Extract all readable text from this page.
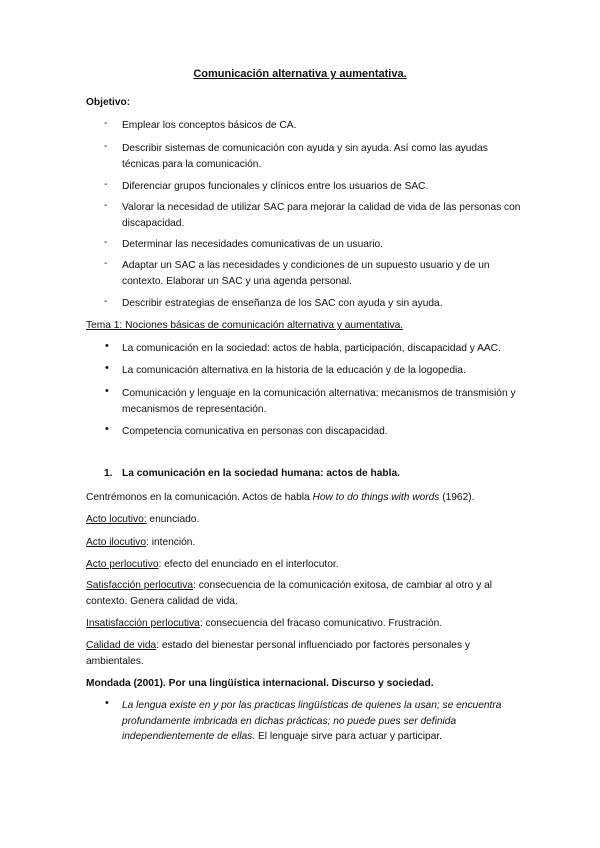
Comunicación alternativa y aumentativa.
Objetivo:
- Emplear los conceptos básicos de CA.
- Describir sistemas de comunicación con ayuda y sin ayuda. Así como las ayudas técnicas para la comunicación.
- Diferenciar grupos funcionales y clínicos entre los usuarios de SAC.
- Valorar la necesidad de utilizar SAC para mejorar la calidad de vida de las personas con discapacidad.
- Determinar las necesidades comunicativas de un usuario.
- Adaptar un SAC a las necesidades y condiciones de un supuesto usuario y de un contexto. Elaborar un SAC y una agenda personal.
- Describir estrategias de enseñanza de los SAC con ayuda y sin ayuda.
Tema 1: Nociones básicas de comunicación alternativa y aumentativa.
• La comunicación en la sociedad: actos de habla, participación, discapacidad y AAC.
• La comunicación alternativa en la historia de la educación y de la logopedia.
• Comunicación y lenguaje en la comunicación alternativa: mecanismos de transmisión y mecanismos de representación.
• Competencia comunicativa en personas con discapacidad.
1. La comunicación en la sociedad humana: actos de habla.
Centrémonos en la comunicación. Actos de habla How to do things with words (1962).
Acto locutivo: enunciado.
Acto ilocutivo: intención.
Acto perlocutivo: efecto del enunciado en el interlocutor.
Satisfacción perlocutiva: consecuencia de la comunicación exitosa, de cambiar al otro y al contexto. Genera calidad de vida.
Insatisfacción perlocutiva: consecuencia del fracaso comunicativo. Frustración.
Calidad de vida: estado del bienestar personal influenciado por factores personales y ambientales.
Mondada (2001). Por una lingüística internacional. Discurso y sociedad.
• La lengua existe en y por las practicas lingüísticas de quienes la usan; se encuentra profundamente imbricada en dichas prácticas; no puede pues ser definida independientemente de ellas. El lenguaje sirve para actuar y participar.
